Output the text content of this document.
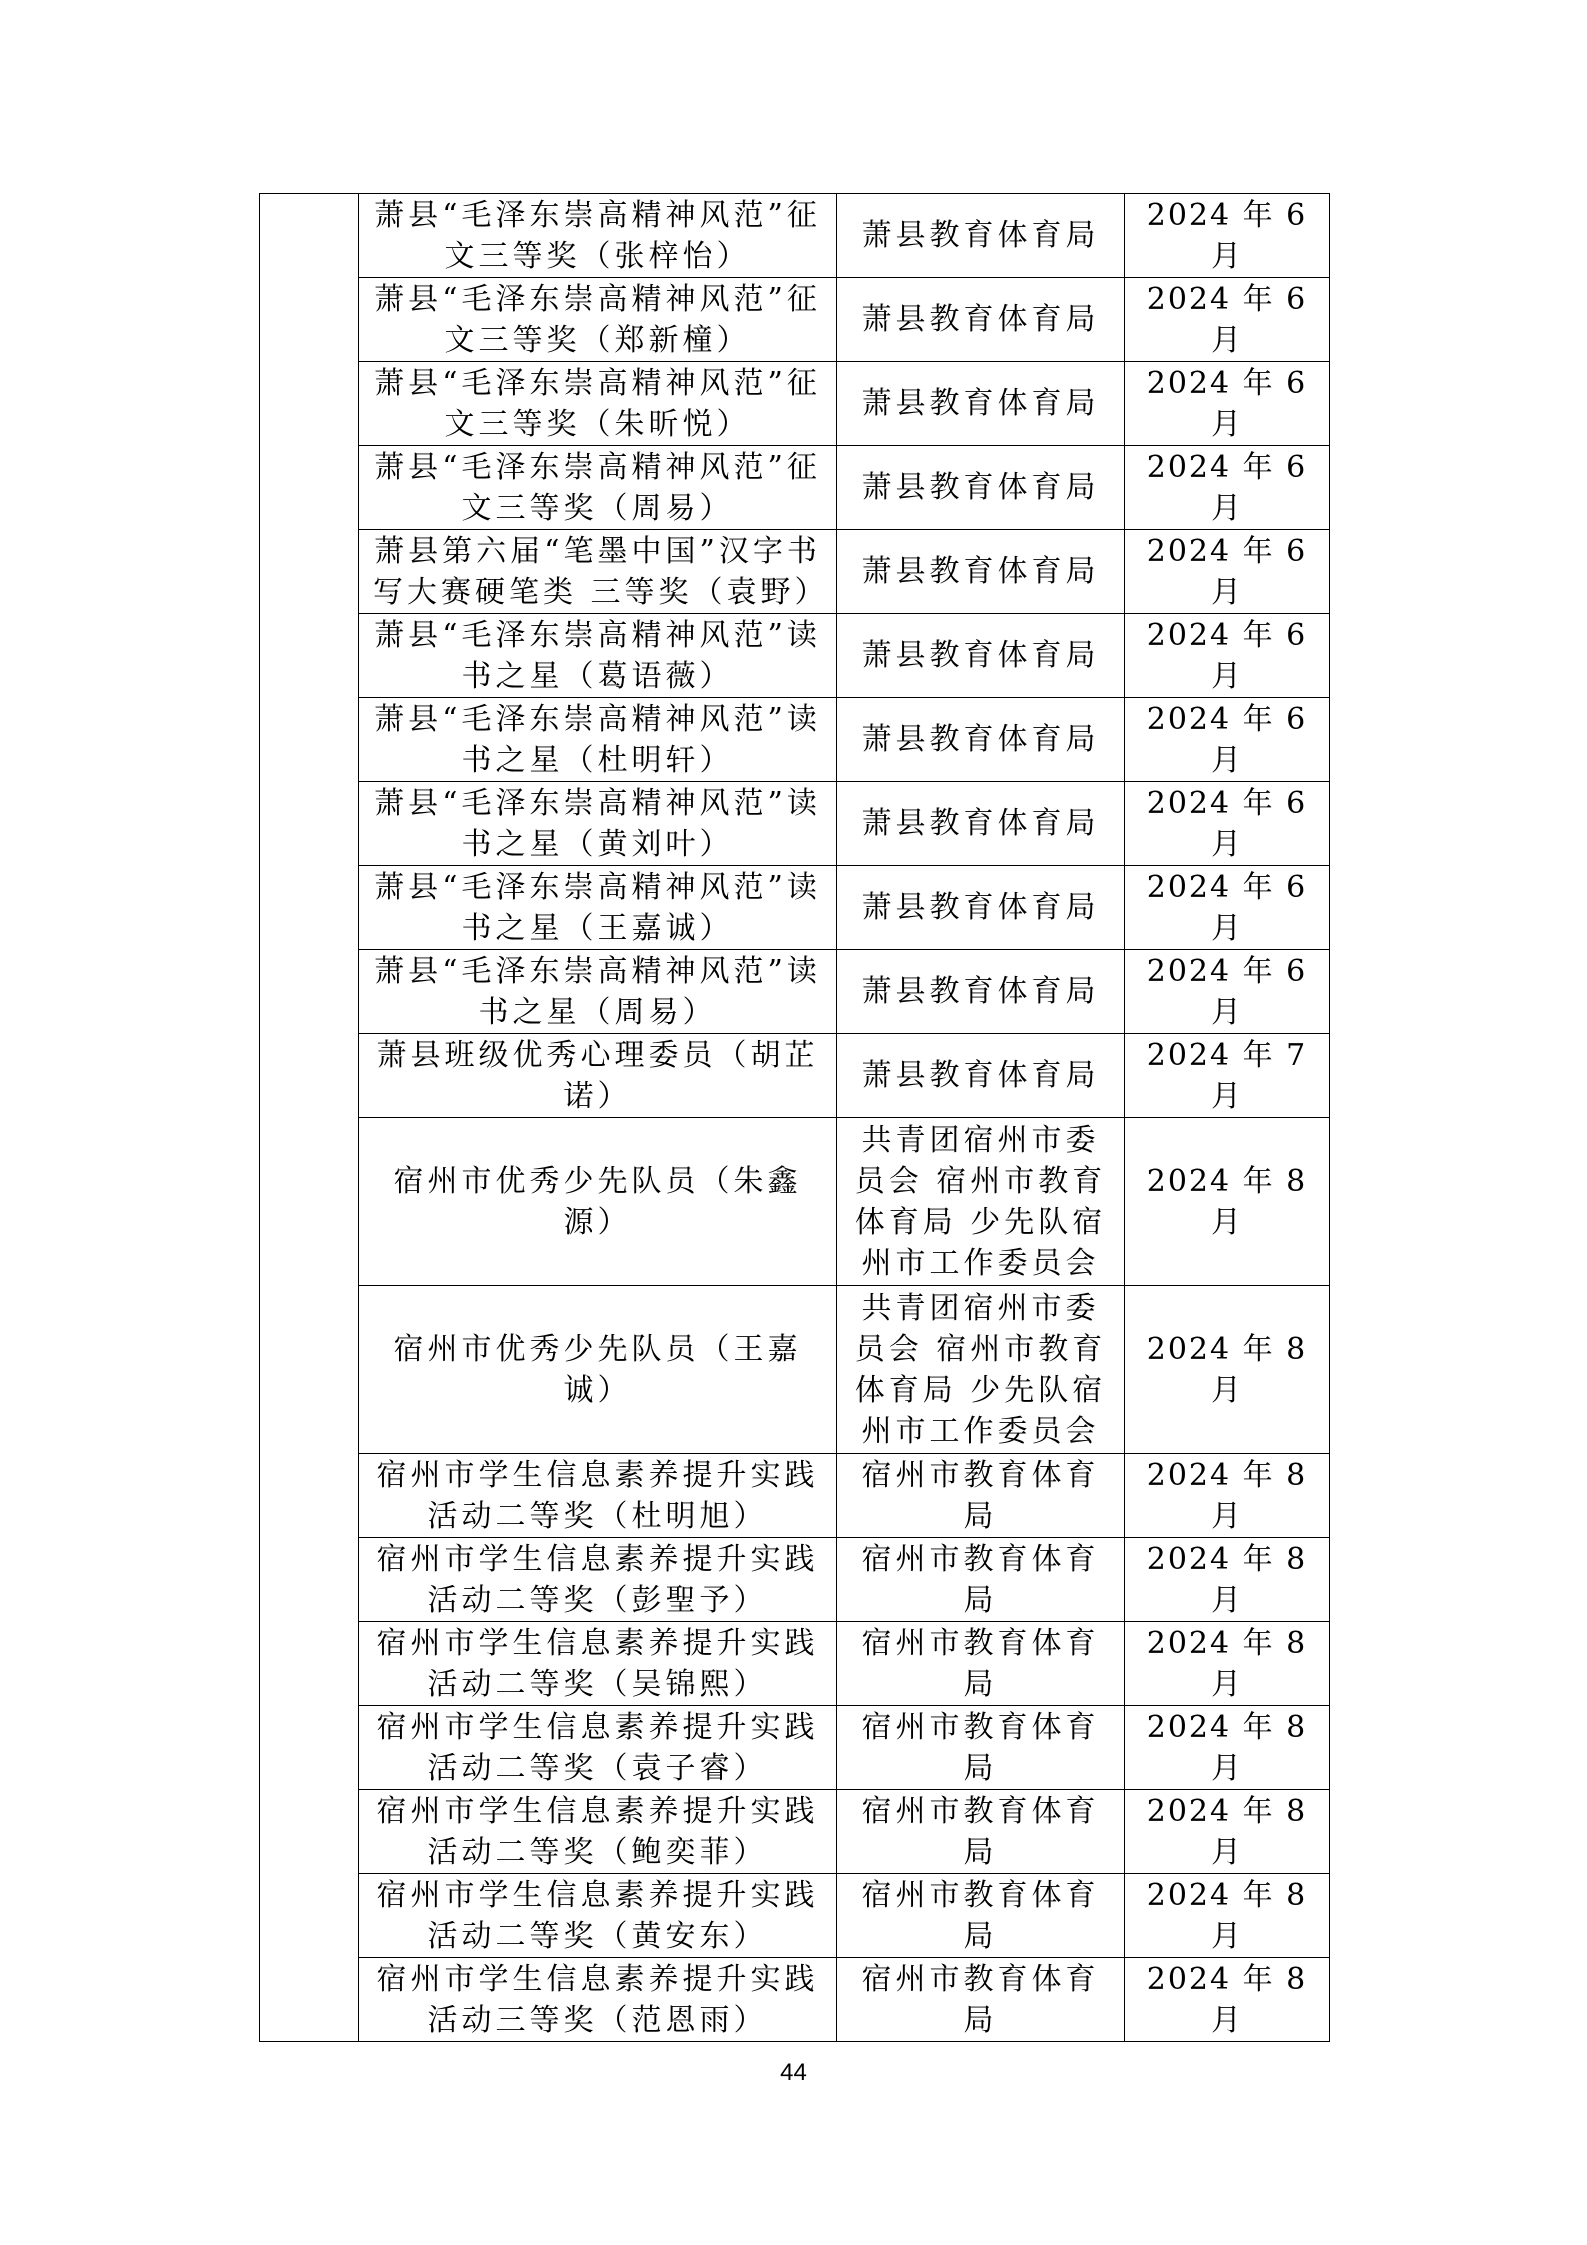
	萧县“毛泽东崇高精神风范”征文三等奖（张梓怡）	萧县教育体育局	2024 年 6 月
	萧县“毛泽东崇高精神风范”征文三等奖（郑新橦）	萧县教育体育局	2024 年 6 月
	萧县“毛泽东崇高精神风范”征文三等奖（朱昕悦）	萧县教育体育局	2024 年 6 月
	萧县“毛泽东崇高精神风范”征文三等奖（周易）	萧县教育体育局	2024 年 6 月
	萧县第六届“笔墨中国”汉字书写大赛硬笔类 三等奖（袁野）	萧县教育体育局	2024 年 6 月
	萧县“毛泽东崇高精神风范”读书之星（葛语薇）	萧县教育体育局	2024 年 6 月
	萧县“毛泽东崇高精神风范”读书之星（杜明轩）	萧县教育体育局	2024 年 6 月
	萧县“毛泽东崇高精神风范”读书之星（黄刘叶）	萧县教育体育局	2024 年 6 月
	萧县“毛泽东崇高精神风范”读书之星（王嘉诚）	萧县教育体育局	2024 年 6 月
	萧县“毛泽东崇高精神风范”读书之星（周易）	萧县教育体育局	2024 年 6 月
	萧县班级优秀心理委员（胡芷诺）	萧县教育体育局	2024 年 7 月
	宿州市优秀少先队员（朱鑫源）	共青团宿州市委员会 宿州市教育体育局 少先队宿州市工作委员会	2024 年 8 月
	宿州市优秀少先队员（王嘉诚）	共青团宿州市委员会 宿州市教育体育局 少先队宿州市工作委员会	2024 年 8 月
	宿州市学生信息素养提升实践活动二等奖（杜明旭）	宿州市教育体育局	2024 年 8 月
	宿州市学生信息素养提升实践活动二等奖（彭聖予）	宿州市教育体育局	2024 年 8 月
	宿州市学生信息素养提升实践活动二等奖（吴锦熙）	宿州市教育体育局	2024 年 8 月
	宿州市学生信息素养提升实践活动二等奖（袁子睿）	宿州市教育体育局	2024 年 8 月
	宿州市学生信息素养提升实践活动二等奖（鲍奕菲）	宿州市教育体育局	2024 年 8 月
	宿州市学生信息素养提升实践活动二等奖（黄安东）	宿州市教育体育局	2024 年 8 月
	宿州市学生信息素养提升实践活动三等奖（范恩雨）	宿州市教育体育局	2024 年 8 月
44
